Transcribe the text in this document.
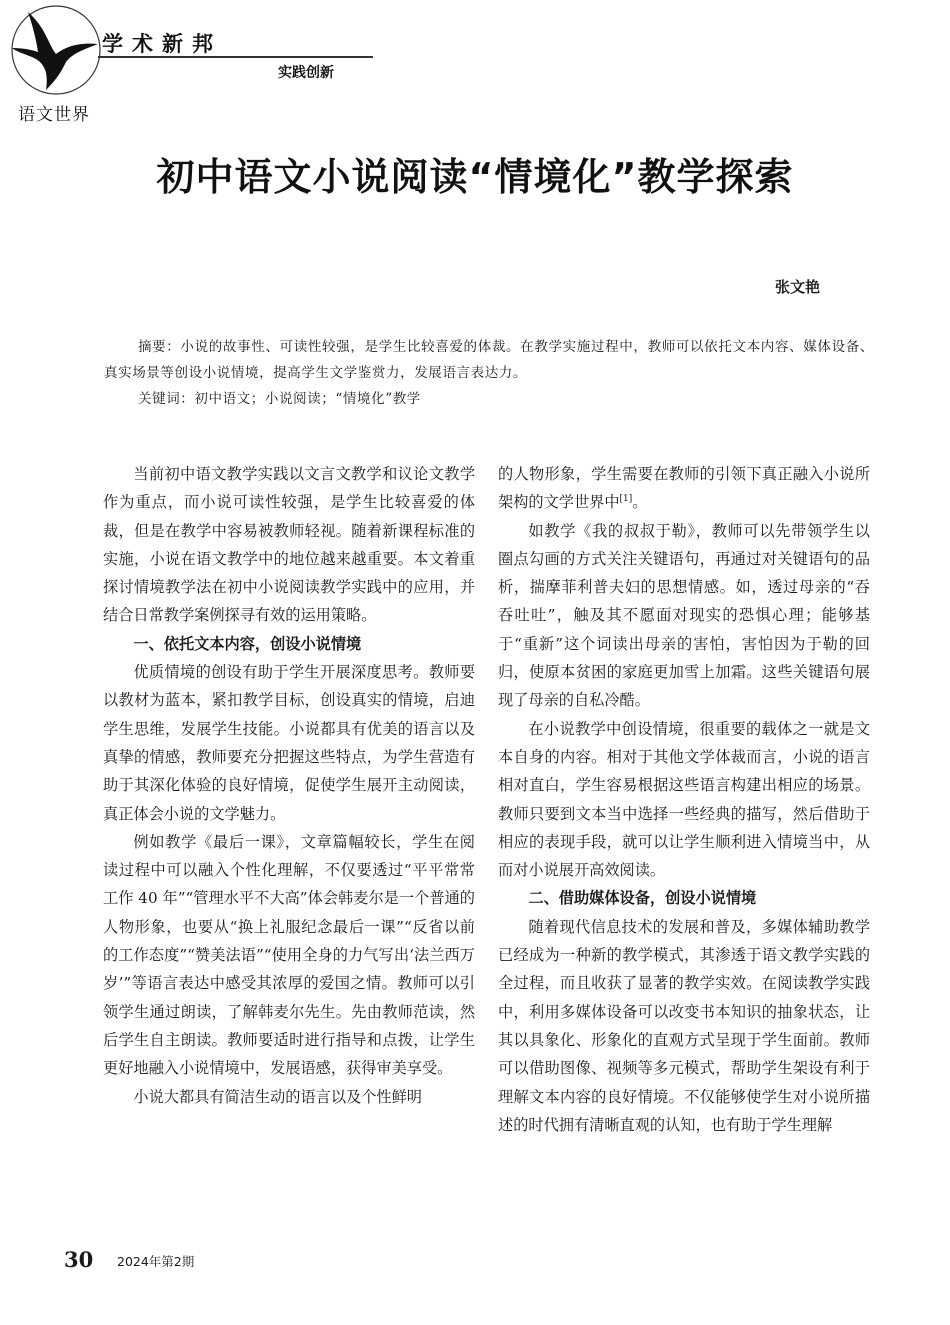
语文世界
学术新邦
实践创新
初中语文小说阅读“情境化”教学探索
张文艳

摘要：小说的故事性、可读性较强，是学生比较喜爱的体裁。在教学实施过程中，教师可以依托文本内容、媒体设备、真实场景等创设小说情境，提高学生文学鉴赏力，发展语言表达力。

关键词：初中语文；小说阅读；“情境化”教学

当前初中语文教学实践以文言文教学和议论文教学作为重点，而小说可读性较强，是学生比较喜爱的体裁，但是在教学中容易被教师轻视。随着新课程标准的实施，小说在语文教学中的地位越来越重要。本文着重探讨情境教学法在初中小说阅读教学实践中的应用，并结合日常教学案例探寻有效的运用策略。

一、依托文本内容，创设小说情境

优质情境的创设有助于学生开展深度思考。教师要以教材为蓝本，紧扣教学目标，创设真实的情境，启迪学生思维，发展学生技能。小说都具有优美的语言以及真挚的情感，教师要充分把握这些特点，为学生营造有助于其深化体验的良好情境，促使学生展开主动阅读，真正体会小说的文学魅力。

例如教学《最后一课》，文章篇幅较长，学生在阅读过程中可以融入个性化理解，不仅要透过“平平常常工作 40 年”“管理水平不大高”体会韩麦尔是一个普通的人物形象，也要从“换上礼服纪念最后一课”“反省以前的工作态度”“赞美法语”“使用全身的力气写出‘法兰西万岁’”等语言表达中感受其浓厚的爱国之情。教师可以引领学生通过朗读，了解韩麦尔先生。先由教师范读，然后学生自主朗读。教师要适时进行指导和点拨，让学生更好地融入小说情境中，发展语感，获得审美享受。

小说大都具有简洁生动的语言以及个性鲜明

的人物形象，学生需要在教师的引领下真正融入小说所架构的文学世界中[1]。

如教学《我的叔叔于勒》，教师可以先带领学生以圈点勾画的方式关注关键语句，再通过对关键语句的品析，揣摩菲利普夫妇的思想情感。如，透过母亲的“吞吞吐吐”，触及其不愿面对现实的恐惧心理；能够基于“重新”这个词读出母亲的害怕，害怕因为于勒的回归，使原本贫困的家庭更加雪上加霜。这些关键语句展现了母亲的自私冷酷。

在小说教学中创设情境，很重要的载体之一就是文本自身的内容。相对于其他文学体裁而言，小说的语言相对直白，学生容易根据这些语言构建出相应的场景。教师只要到文本当中选择一些经典的描写，然后借助于相应的表现手段，就可以让学生顺利进入情境当中，从而对小说展开高效阅读。

二、借助媒体设备，创设小说情境

随着现代信息技术的发展和普及，多媒体辅助教学已经成为一种新的教学模式，其渗透于语文教学实践的全过程，而且收获了显著的教学实效。在阅读教学实践中，利用多媒体设备可以改变书本知识的抽象状态，让其以具象化、形象化的直观方式呈现于学生面前。教师可以借助图像、视频等多元模式，帮助学生架设有利于理解文本内容的良好情境。不仅能够使学生对小说所描述的时代拥有清晰直观的认知，也有助于学生理解

30 2024年第2期
